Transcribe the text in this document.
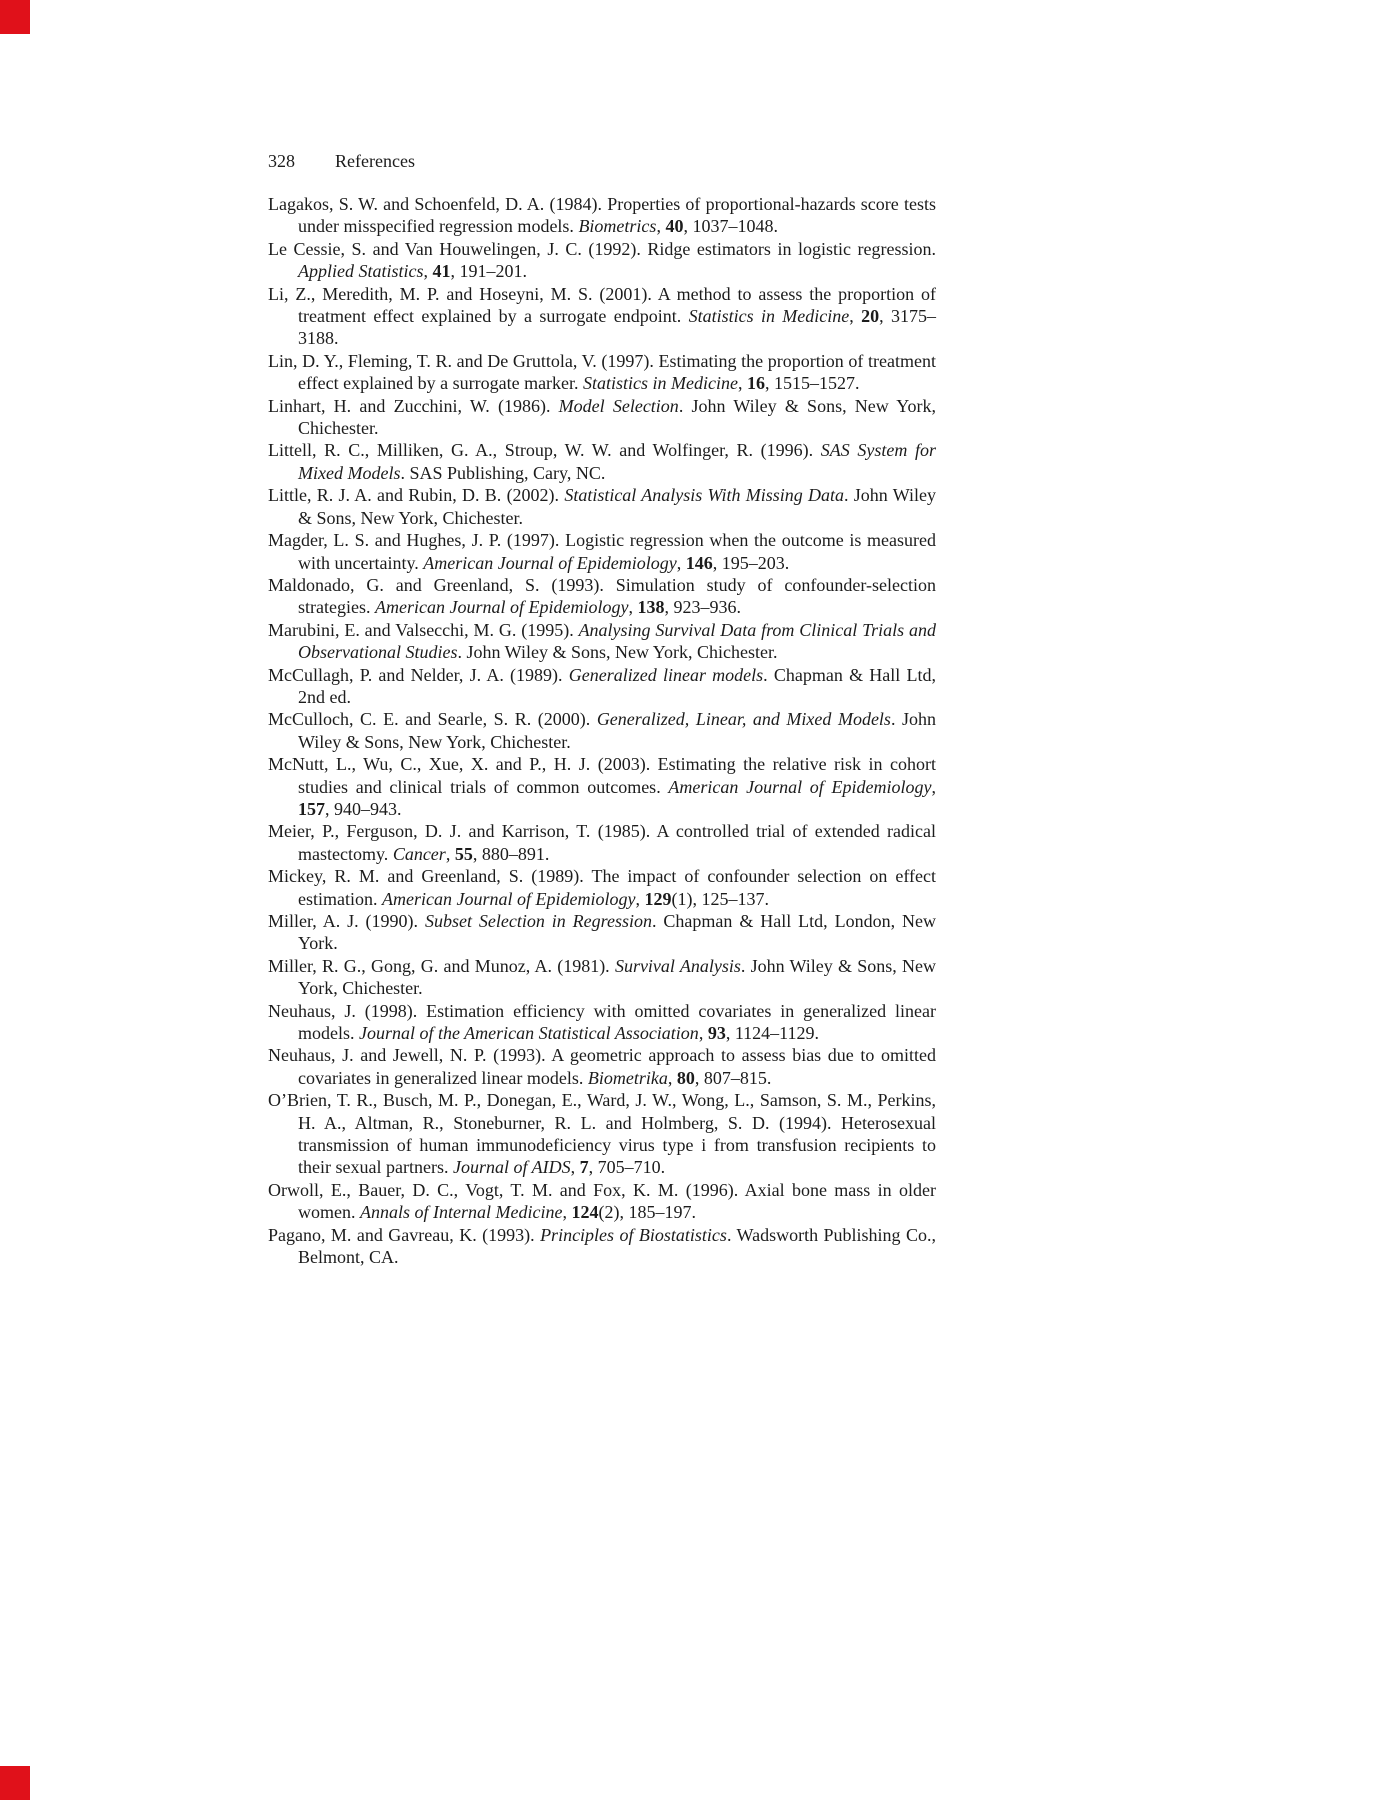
328 References

Lagakos, S. W. and Schoenfeld, D. A. (1984). Properties of proportional-hazards score tests under misspecified regression models. Biometrics, 40, 1037–1048.

Le Cessie, S. and Van Houwelingen, J. C. (1992). Ridge estimators in logistic regression. Applied Statistics, 41, 191–201.

Li, Z., Meredith, M. P. and Hoseyni, M. S. (2001). A method to assess the proportion of treatment effect explained by a surrogate endpoint. Statistics in Medicine, 20, 3175–3188.

Lin, D. Y., Fleming, T. R. and De Gruttola, V. (1997). Estimating the proportion of treatment effect explained by a surrogate marker. Statistics in Medicine, 16, 1515–1527.

Linhart, H. and Zucchini, W. (1986). Model Selection. John Wiley & Sons, New York, Chichester.

Littell, R. C., Milliken, G. A., Stroup, W. W. and Wolfinger, R. (1996). SAS System for Mixed Models. SAS Publishing, Cary, NC.

Little, R. J. A. and Rubin, D. B. (2002). Statistical Analysis With Missing Data. John Wiley & Sons, New York, Chichester.

Magder, L. S. and Hughes, J. P. (1997). Logistic regression when the outcome is measured with uncertainty. American Journal of Epidemiology, 146, 195–203.

Maldonado, G. and Greenland, S. (1993). Simulation study of confounder-selection strategies. American Journal of Epidemiology, 138, 923–936.

Marubini, E. and Valsecchi, M. G. (1995). Analysing Survival Data from Clinical Trials and Observational Studies. John Wiley & Sons, New York, Chichester.

McCullagh, P. and Nelder, J. A. (1989). Generalized linear models. Chapman & Hall Ltd, 2nd ed.

McCulloch, C. E. and Searle, S. R. (2000). Generalized, Linear, and Mixed Models. John Wiley & Sons, New York, Chichester.

McNutt, L., Wu, C., Xue, X. and P., H. J. (2003). Estimating the relative risk in cohort studies and clinical trials of common outcomes. American Journal of Epidemiology, 157, 940–943.

Meier, P., Ferguson, D. J. and Karrison, T. (1985). A controlled trial of extended radical mastectomy. Cancer, 55, 880–891.

Mickey, R. M. and Greenland, S. (1989). The impact of confounder selection on effect estimation. American Journal of Epidemiology, 129(1), 125–137.

Miller, A. J. (1990). Subset Selection in Regression. Chapman & Hall Ltd, London, New York.

Miller, R. G., Gong, G. and Munoz, A. (1981). Survival Analysis. John Wiley & Sons, New York, Chichester.

Neuhaus, J. (1998). Estimation efficiency with omitted covariates in generalized linear models. Journal of the American Statistical Association, 93, 1124–1129.

Neuhaus, J. and Jewell, N. P. (1993). A geometric approach to assess bias due to omitted covariates in generalized linear models. Biometrika, 80, 807–815.

O’Brien, T. R., Busch, M. P., Donegan, E., Ward, J. W., Wong, L., Samson, S. M., Perkins, H. A., Altman, R., Stoneburner, R. L. and Holmberg, S. D. (1994). Heterosexual transmission of human immunodeficiency virus type i from transfusion recipients to their sexual partners. Journal of AIDS, 7, 705–710.

Orwoll, E., Bauer, D. C., Vogt, T. M. and Fox, K. M. (1996). Axial bone mass in older women. Annals of Internal Medicine, 124(2), 185–197.

Pagano, M. and Gavreau, K. (1993). Principles of Biostatistics. Wadsworth Publishing Co., Belmont, CA.
